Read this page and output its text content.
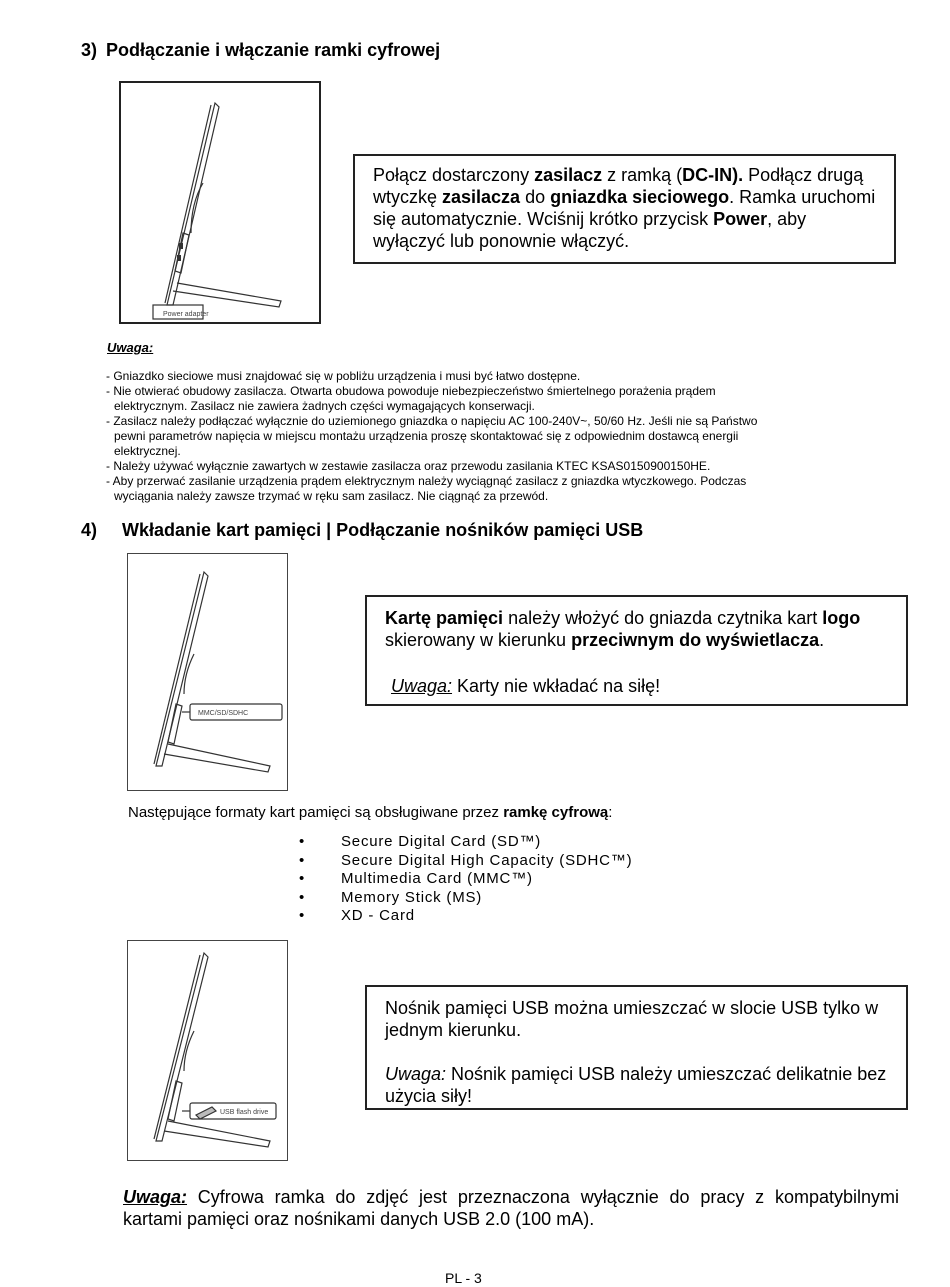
3) Podłączanie i włączanie ramki cyfrowej
Power adapter
Połącz dostarczony zasilacz z ramką (DC-IN). Podłącz drugą wtyczkę zasilacza do gniazdka sieciowego. Ramka uruchomi się automatycznie. Wciśnij krótko przycisk Power, aby wyłączyć lub ponownie włączyć.
Uwaga:
- Gniazdko sieciowe musi znajdować się w pobliżu urządzenia i musi być łatwo dostępne.
- Nie otwierać obudowy zasilacza. Otwarta obudowa powoduje niebezpieczeństwo śmiertelnego porażenia prądem
elektrycznym. Zasilacz nie zawiera żadnych części wymagających konserwacji.
- Zasilacz należy podłączać wyłącznie do uziemionego gniazdka o napięciu AC 100-240V~, 50/60 Hz. Jeśli nie są Państwo
pewni parametrów napięcia w miejscu montażu urządzenia proszę skontaktować się z odpowiednim dostawcą energii
elektrycznej.
- Należy używać wyłącznie zawartych w zestawie zasilacza oraz przewodu zasilania KTEC KSAS0150900150HE.
- Aby przerwać zasilanie urządzenia prądem elektrycznym należy wyciągnąć zasilacz z gniazdka wtyczkowego. Podczas
wyciągania należy zawsze trzymać w ręku sam zasilacz. Nie ciągnąć za przewód.
4) Wkładanie kart pamięci | Podłączanie nośników pamięci USB
MMC/SD/SDHC
Kartę pamięci należy włożyć do gniazda czytnika kart logo skierowany w kierunku przeciwnym do wyświetlacza.
Uwaga: Karty nie wkładać na siłę!
Następujące formaty kart pamięci są obsługiwane przez ramkę cyfrową:
• Secure Digital Card (SD™)
• Secure Digital High Capacity (SDHC™)
• Multimedia Card (MMC™)
• Memory Stick (MS)
• XD - Card
USB flash drive
Nośnik pamięci USB można umieszczać w slocie USB tylko w jednym kierunku.
Uwaga: Nośnik pamięci USB należy umieszczać delikatnie bez użycia siły!
Uwaga: Cyfrowa ramka do zdjęć jest przeznaczona wyłącznie do pracy z kompatybilnymi kartami pamięci oraz nośnikami danych USB 2.0 (100 mA).
PL - 3
